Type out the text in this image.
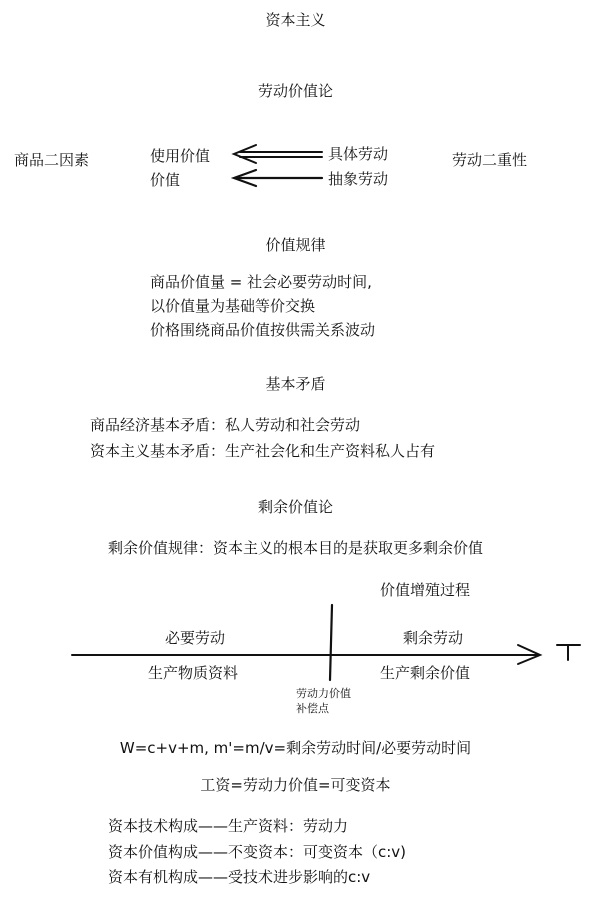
资本主义
劳动价值论
商品二因素	使用价值
价值
具体劳动
抽象劳动
劳动二重性
价值规律
商品价值量 = 社会必要劳动时间,
以价值量为基础等价交换
价格围绕商品价值按供需关系波动
基本矛盾
商品经济基本矛盾：私人劳动和社会劳动
资本主义基本矛盾：生产社会化和生产资料私人占有
剩余价值论
剩余价值规律：资本主义的根本目的是获取更多剩余价值
价值增殖过程
必要劳动	剩余劳动
生产物质资料	生产剩余价值
劳动力价值
补偿点
W=c+v+m, m'=m/v=剩余劳动时间/必要劳动时间
工资=劳动力价值=可变资本
资本技术构成——生产资料：劳动力
资本价值构成——不变资本：可变资本（c:v)
资本有机构成——受技术进步影响的c:v
